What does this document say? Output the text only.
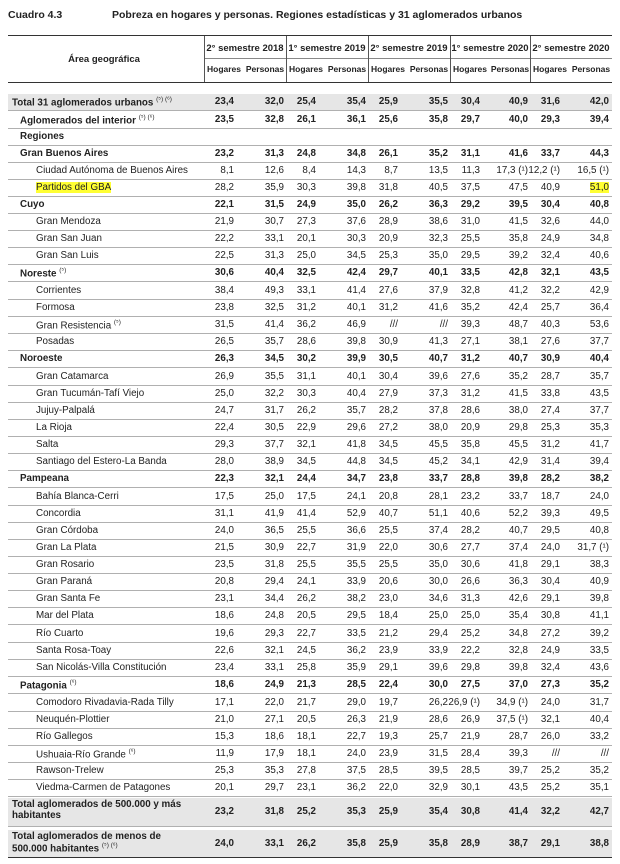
Cuadro 4.3	Pobreza en hogares y personas. Regiones estadísticas y 31 aglomerados urbanos
Área geográfica
2° semestre 2018 1° semestre 2019 2° semestre 2019 1° semestre 2020 2° semestre 2020
Hogares Personas Hogares Personas Hogares Personas Hogares Personas Hogares Personas
Total 31 aglomerados urbanos $^{(^5) (^6)}$	23,4	32,0 25,4	35,4 25,9	35,5 30,4	40,9 31,6	42,0
Aglomerados del interior $^{(^5) (^6)}$	23,5	32,8 26,1	36,1 25,6	35,8 29,7	40,0 29,3	39,4
Regiones
Gran Buenos Aires	23,2	31,3 24,8	34,8 26,1	35,2 31,1	41,6 33,7	44,3
Ciudad Autónoma de Buenos Aires	8,1	12,6 8,4	14,3 8,7	13,5 11,3 17,3 (¹) 12,2 (¹) 16,5 (¹)
Partidos del GBA	28,2	35,9 30,3	39,8 31,8	40,5 37,5	47,5 40,9	51,0
Cuyo	22,1	31,5 24,9	35,0 26,2	36,3 29,2	39,5 30,4	40,8
Gran Mendoza	21,9	30,7 27,3	37,6 28,9	38,6 31,0	41,5 32,6	44,0
Gran San Juan	22,2	33,1 20,1	30,3 20,9	32,3 25,5	35,8 24,9	34,8
Gran San Luis	22,5	31,3 25,0	34,5 25,3	35,0 29,5	39,2 32,4	40,6
Noreste $^{(^5)}$	30,6	40,4 32,5	42,4 29,7	40,1 33,5	42,8 32,1	43,5
Corrientes	38,4	49,3 33,1	41,4 27,6	37,9 32,8	41,2 32,2	42,9
Formosa	23,8	32,5 31,2	40,1 31,2	41,6 35,2	42,4 25,7	36,4
Gran Resistencia $^{(^5)}$	31,5	41,4 36,2	46,9 ///	/// 39,3	48,7 40,3	53,6
Posadas	26,5	35,7 28,6	39,8 30,9	41,3 27,1	38,1 27,6	37,7
Noroeste	26,3	34,5 30,2	39,9 30,5	40,7 31,2	40,7 30,9	40,4
Gran Catamarca	26,9	35,5 31,1	40,1 30,4	39,6 27,6	35,2 28,7	35,7
Gran Tucumán-Tafí Viejo	25,0	32,2 30,3	40,4 27,9	37,3 31,2	41,5 33,8	43,5
Jujuy-Palpalá	24,7	31,7 26,2	35,7 28,2	37,8 28,6	38,0 27,4	37,7
La Rioja	22,4	30,5 22,9	29,6 27,2	38,0 20,9	29,8 25,3	35,3
Salta	29,3	37,7 32,1	41,8 34,5	45,5 35,8	45,5 31,2	41,7
Santiago del Estero-La Banda	28,0	38,9 34,5	44,8 34,5	45,2 34,1	42,9 31,4	39,4
Pampeana	22,3	32,1 24,4	34,7 23,8	33,7 28,8	39,8 28,2	38,2
Bahía Blanca-Cerri	17,5	25,0 17,5	24,1 20,8	28,1 23,2	33,7 18,7	24,0
Concordia	31,1	41,9 41,4	52,9 40,7	51,1 40,6	52,2 39,3	49,5
Gran Córdoba	24,0	36,5 25,5	36,6 25,5	37,4 28,2	40,7 29,5	40,8
Gran La Plata	21,5	30,9 22,7	31,9 22,0	30,6 27,7	37,4 24,0 31,7 (¹)
Gran Rosario	23,5	31,8 25,5	35,5 25,5	35,0 30,6	41,8 29,1	38,3
Gran Paraná	20,8	29,4 24,1	33,9 20,6	30,0 26,6	36,3 30,4	40,9
Gran Santa Fe	23,1	34,4 26,2	38,2 23,0	34,6 31,3	42,6 29,1	39,8
Mar del Plata	18,6	24,8 20,5	29,5 18,4	25,0 25,0	35,4 30,8	41,1
Río Cuarto	19,6	29,3 22,7	33,5 21,2	29,4 25,2	34,8 27,2	39,2
Santa Rosa-Toay	22,6	32,1 24,5	36,2 23,9	33,9 22,2	32,8 24,9	33,5
San Nicolás-Villa Constitución	23,4	33,1 25,8	35,9 29,1	39,6 29,8	39,8 32,4	43,6
Patagonia $^{(^6)}$	18,6	24,9 21,3	28,5 22,4	30,0 27,5	37,0 27,3	35,2
Comodoro Rivadavia-Rada Tilly	17,1	22,0 21,7	29,0 19,7	26,2 26,9 (¹) 34,9 (¹) 24,0	31,7
Neuquén-Plottier	21,0	27,1 20,5	26,3 21,9	28,6 26,9 37,5 (¹) 32,1	40,4
Río Gallegos	15,3	18,6 18,1	22,7 19,3	25,7 21,9	28,7 26,0	33,2
Ushuaia-Río Grande $^{(^6)}$	11,9	17,9 18,1	24,0 23,9	31,5 28,4	39,3 ///	///
Rawson-Trelew	25,3	35,3 27,8	37,5 28,5	39,5 28,5	39,7 25,2	35,2
Viedma-Carmen de Patagones	20,1	29,7 23,1	36,2 22,0	32,9 30,1	43,5 25,2	35,1
Total aglomerados de 500.000 y más
habitantes	23,2	31,8 25,2	35,3 25,9	35,4 30,8	41,4 32,2	42,7
Total aglomerados de menos de
500.000 habitantes $^{(^5) (^6)}$	24,0	33,1 26,2	35,8 25,9	35,8 28,9	38,7 29,1	38,8
